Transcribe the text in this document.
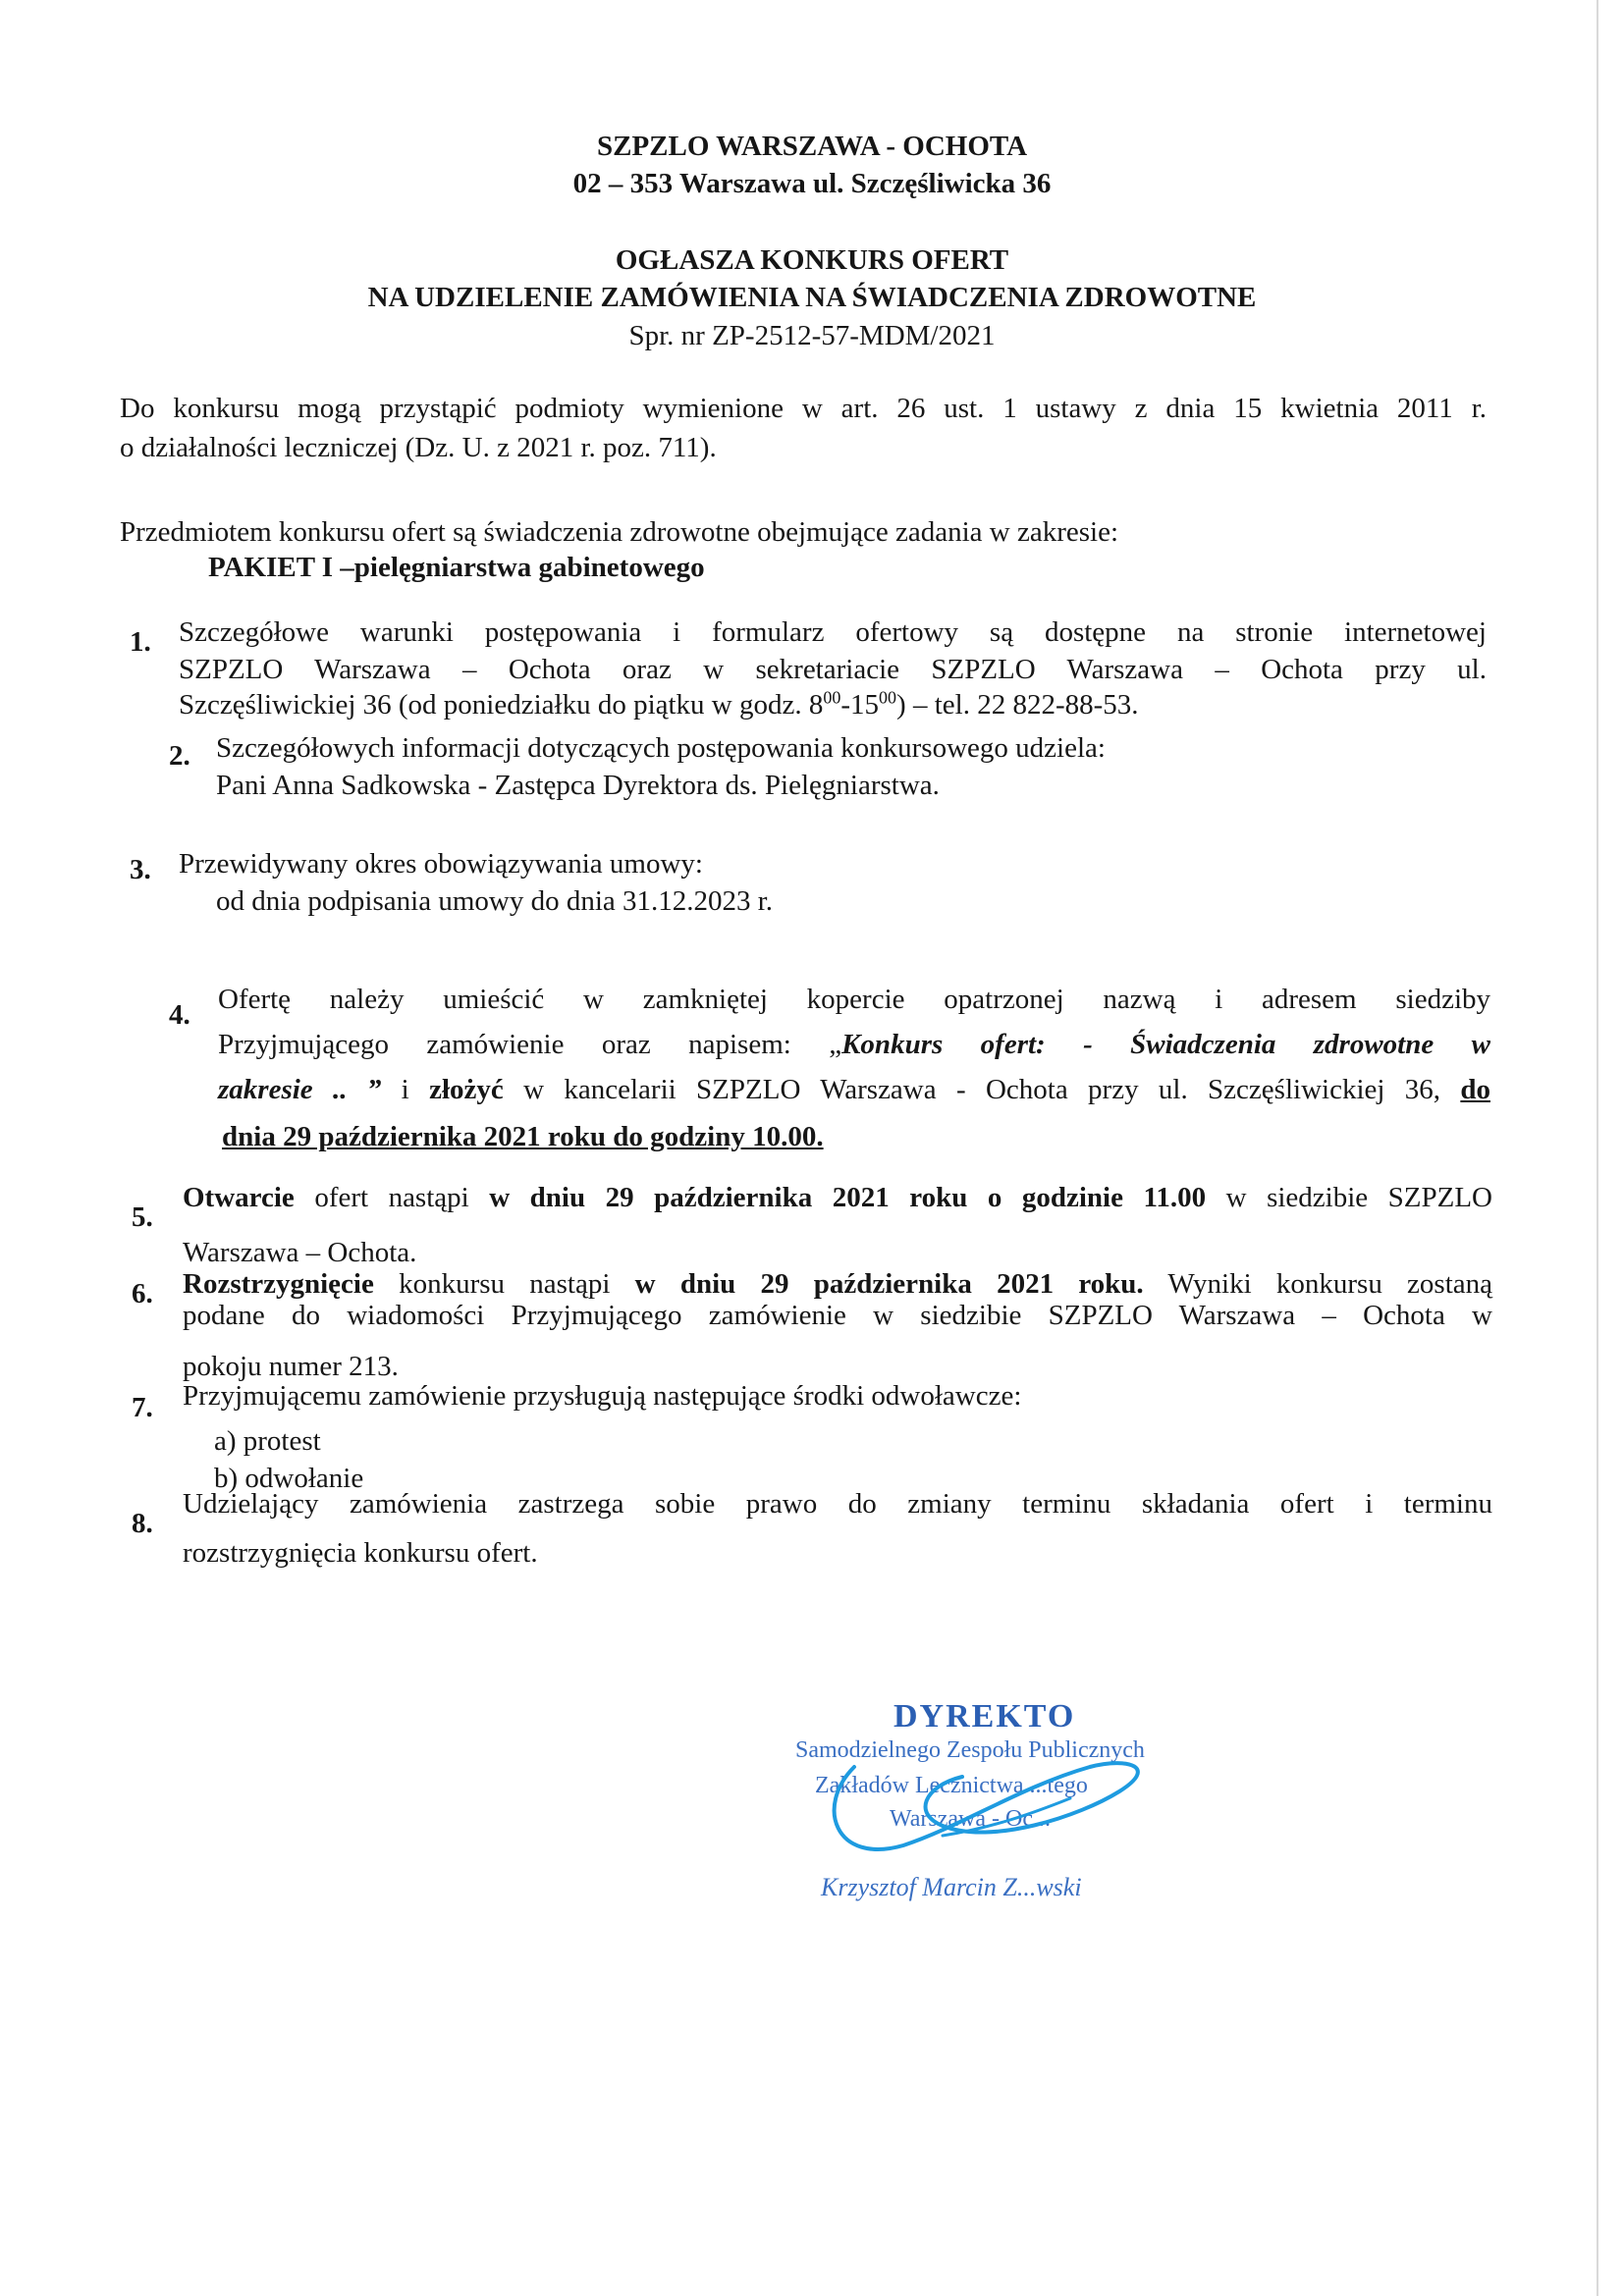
SZPZLO WARSZAWA - OCHOTA
02 – 353 Warszawa ul. Szczęśliwicka 36
OGŁASZA KONKURS OFERT
NA UDZIELENIE ZAMÓWIENIA NA ŚWIADCZENIA ZDROWOTNE
Spr. nr ZP-2512-57-MDM/2021
Do konkursu mogą przystąpić podmioty wymienione w art. 26 ust. 1 ustawy z dnia 15 kwietnia 2011 r.
o działalności leczniczej (Dz. U. z 2021 r. poz. 711).
Przedmiotem konkursu ofert są świadczenia zdrowotne obejmujące zadania w zakresie:
PAKIET I –pielęgniarstwa gabinetowego
1. Szczegółowe warunki postępowania i formularz ofertowy są dostępne na stronie internetowej
SZPZLO Warszawa – Ochota oraz w sekretariacie SZPZLO Warszawa – Ochota przy ul.
Szczęśliwickiej 36 (od poniedziałku do piątku w godz. $8^{00}-15^{00}$) – tel. 22 822-88-53.
2. Szczegółowych informacji dotyczących postępowania konkursowego udziela:
Pani Anna Sadkowska - Zastępca Dyrektora ds. Pielęgniarstwa.
3. Przewidywany okres obowiązywania umowy:
od dnia podpisania umowy do dnia 31.12.2023 r.
4. Ofertę należy umieścić w zamkniętej kopercie opatrzonej nazwą i adresem siedziby
Przyjmującego zamówienie oraz napisem: „Konkurs ofert: - Świadczenia zdrowotne w
zakresie .. ” i złożyć w kancelarii SZPZLO Warszawa - Ochota przy ul. Szczęśliwickiej 36, do
dnia 29 października 2021 roku do godziny 10.00.
5.
Otwarcie ofert nastąpi w dniu 29 października 2021 roku o godzinie 11.00 w siedzibie SZPZLO
Warszawa – Ochota.
6. Rozstrzygnięcie konkursu nastąpi w dniu 29 października 2021 roku. Wyniki konkursu zostaną
podane do wiadomości Przyjmującego zamówienie w siedzibie SZPZLO Warszawa – Ochota w
pokoju numer 213.
7. Przyjmującemu zamówienie przysługują następujące środki odwoławcze:
a) protest
b) odwołanie
8.
Udzielający zamówienia zastrzega sobie prawo do zmiany terminu składania ofert i terminu
rozstrzygnięcia konkursu ofert.
DYREKTO
Samodzielnego Zespołu Publicznych
Zakładów Lecznictwa ...tego
Warszawa - Oc...
Krzysztof Marcin Z...wski
